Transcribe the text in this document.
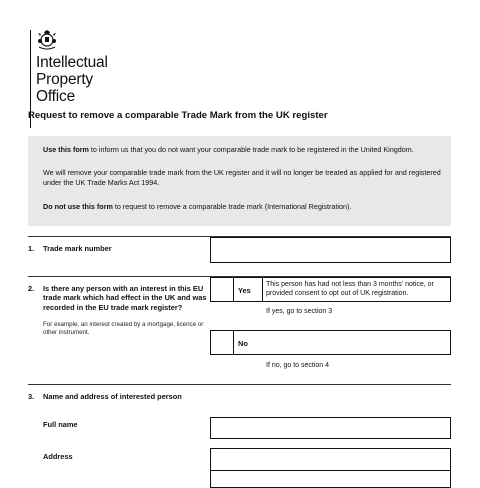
Intellectual
Property
Office
Request to remove a comparable Trade Mark from the UK register
Use this form to inform us that you do not want your comparable trade mark to be registered in the United Kingdom.
We will remove your comparable trade mark from the UK register and it will no longer be treated as applied for and registered under the UK Trade Marks Act 1994.
Do not use this form to request to remove a comparable trade mark (International Registration).
1. Trade mark number
2. Is there any person with an interest in this EU trade mark which had effect in the UK and was recorded in the EU trade mark register?
For example, an interest created by a mortgage, licence or other instrument.
Yes
This person has had not less than 3 months' notice, or provided consent to opt out of UK registration.
If yes, go to section 3
No
If no, go to section 4
3. Name and address of interested person
Full name
Address
